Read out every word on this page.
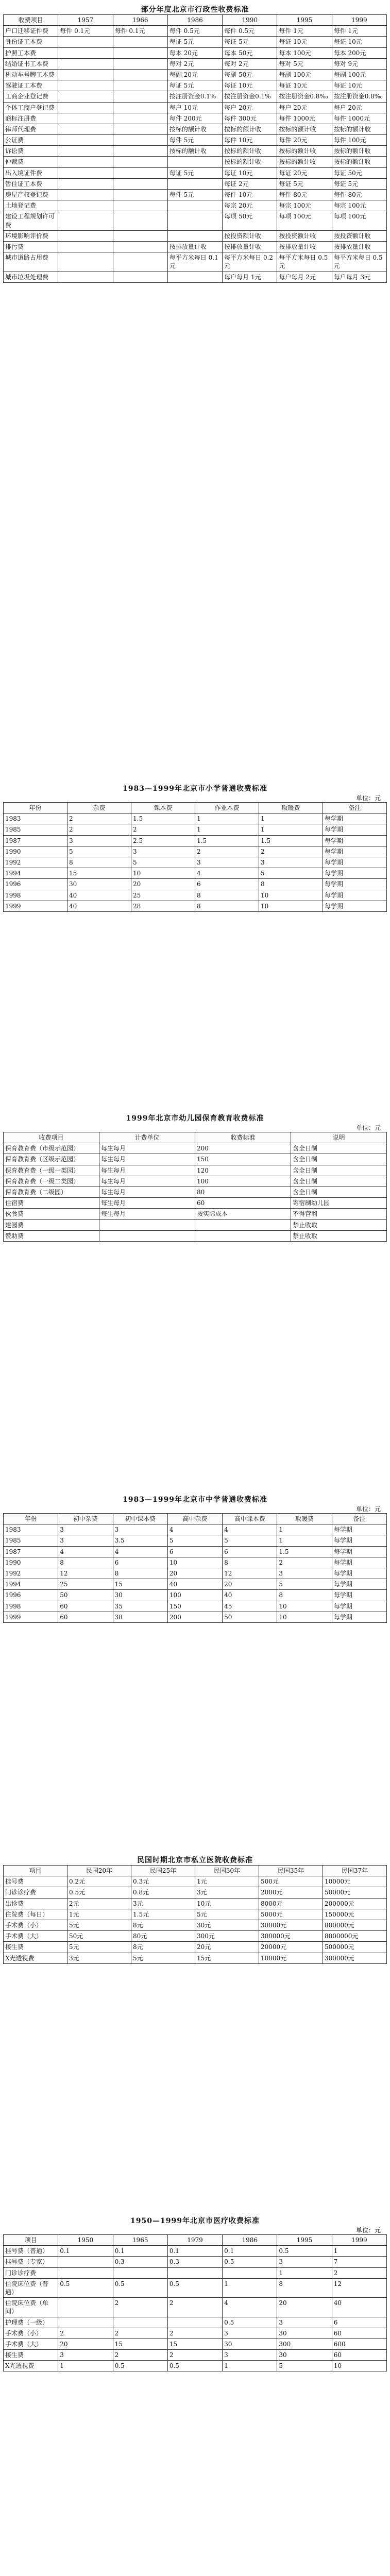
部分年度北京市行政性收费标准
收费项目	1957	1966	1986	1990	1995	1999
户口迁移证件费	每件 0.1元	每件 0.1元	每件 0.5元	每件 0.5元	每件 1元	每件 1元
身份证工本费			每证 5元	每证 5元	每证 10元	每证 10元
护照工本费			每本 20元	每本 50元	每本 100元	每本 200元
结婚证书工本费			每对 2元	每对 2元	每对 5元	每对 9元
机动车号牌工本费			每副 20元	每副 50元	每副 100元	每副 100元
驾驶证工本费			每证 5元	每证 10元	每证 10元	每证 10元
工商企业登记费			按注册资金0.1%	按注册资金0.1%	按注册资金0.8‰	按注册资金0.8‰
个体工商户登记费			每户 10元	每户 20元	每户 20元	每户 20元
商标注册费			每件 200元	每件 300元	每件 1000元	每件 1000元
律师代理费			按标的额计收	按标的额计收	按标的额计收	按标的额计收
公证费			每件 5元	每件 10元	每件 20元	每件 100元
诉讼费			按标的额计收	按标的额计收	按标的额计收	按标的额计收
仲裁费				按标的额计收	按标的额计收	按标的额计收
出入境证件费			每证 5元	每证 10元	每证 20元	每证 50元
暂住证工本费				每证 2元	每证 5元	每证 5元
房屋产权登记费			每件 5元	每件 10元	每件 80元	每件 80元
土地登记费				每宗 20元	每宗 100元	每宗 100元
建设工程规划许可费				每项 50元	每项 100元	每项 100元
环境影响评价费				按投资额计收	按投资额计收	按投资额计收
排污费			按排放量计收	按排放量计收	按排放量计收	按排放量计收
城市道路占用费			每平方米每日 0.1元	每平方米每日 0.2元	每平方米每日 0.5元	每平方米每日 0.5元
城市垃圾处理费				每户每月 1元	每户每月 2元	每户每月 3元
1983—1999年北京市小学普通收费标准
单位：元
年份	杂费	课本费	作业本费	取暖费	备注
1983	2	1.5	1	1	每学期
1985	2	2	1	1	每学期
1987	3	2.5	1.5	1.5	每学期
1990	5	3	2	2	每学期
1992	8	5	3	3	每学期
1994	15	10	4	5	每学期
1996	30	20	6	8	每学期
1998	40	25	8	10	每学期
1999	40	28	8	10	每学期
1999年北京市幼儿园保育教育收费标准
单位：元
收费项目	计费单位	收费标准	说明
保育教育费（市级示范园）	每生每月	200	含全日制
保育教育费（区级示范园）	每生每月	150	含全日制
保育教育费（一级一类园）	每生每月	120	含全日制
保育教育费（一级二类园）	每生每月	100	含全日制
保育教育费（二级园）	每生每月	80	含全日制
住宿费	每生每月	60	寄宿制幼儿园
伙食费	每生每月	按实际成本	不得营利
建园费			禁止收取
赞助费			禁止收取
1983—1999年北京市中学普通收费标准
单位：元
年份	初中杂费	初中课本费	高中杂费	高中课本费	取暖费	备注
1983	3	3	4	4	1	每学期
1985	3	3.5	5	5	1	每学期
1987	4	4	6	6	1.5	每学期
1990	8	6	10	8	2	每学期
1992	12	8	20	12	3	每学期
1994	25	15	40	20	5	每学期
1996	50	30	100	40	8	每学期
1998	60	35	150	45	10	每学期
1999	60	38	200	50	10	每学期
民国时期北京市私立医院收费标准
项目	民国20年	民国25年	民国30年	民国35年	民国37年
挂号费	0.2元	0.3元	1元	500元	10000元
门诊诊疗费	0.5元	0.8元	3元	2000元	50000元
出诊费	2元	3元	10元	8000元	200000元
住院费（每日）	1元	1.5元	5元	5000元	150000元
手术费（小）	5元	8元	30元	30000元	800000元
手术费（大）	50元	80元	300元	300000元	8000000元
接生费	5元	8元	20元	20000元	500000元
X光透视费	3元	5元	15元	10000元	300000元
1950—1999年北京市医疗收费标准
单位：元
项目	1950	1965	1979	1986	1995	1999
挂号费（普通）	0.1	0.1	0.1	0.1	0.5	1
挂号费（专家）		0.3	0.3	0.5	3	7
门诊诊疗费					1	2
住院床位费（普通）	0.5	0.5	0.5	1	8	12
住院床位费（单间）		2	2	4	20	40
护理费（一级）				0.5	3	6
手术费（小）	2	2	2	3	30	60
手术费（大）	20	15	15	30	300	600
接生费	3	2	2	3	30	60
X光透视费	1	0.5	0.5	1	5	10
